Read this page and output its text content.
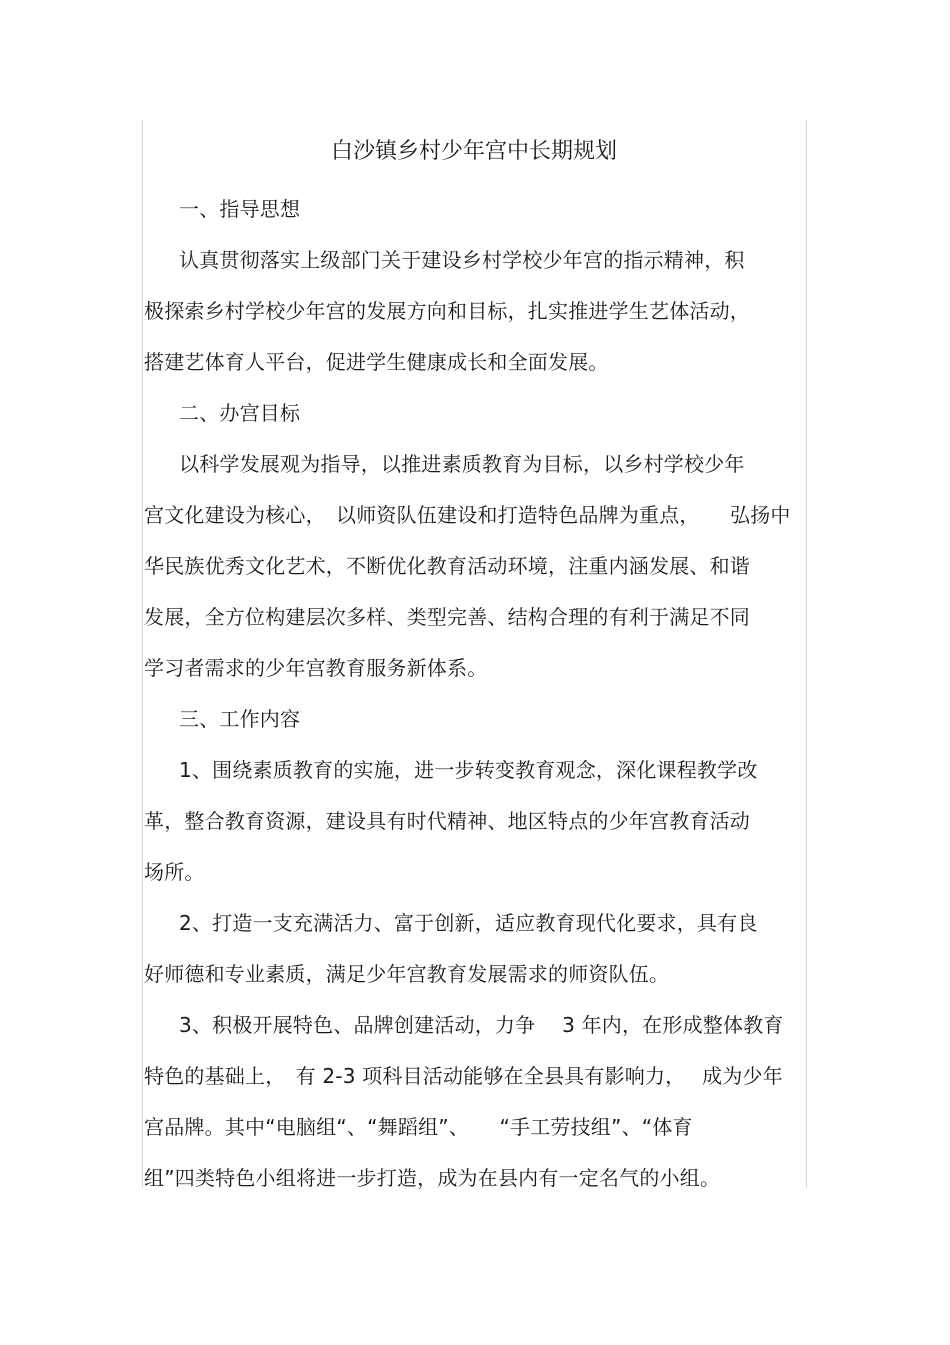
白沙镇乡村少年宫中长期规划
一、指导思想
认真贯彻落实上级部门关于建设乡村学校少年宫的指示精神，积
极探索乡村学校少年宫的发展方向和目标，扎实推进学生艺体活动，
搭建艺体育人平台，促进学生健康成长和全面发展。
二、办宫目标
以科学发展观为指导，以推进素质教育为目标，以乡村学校少年
宫文化建设为核心，　以师资队伍建设和打造特色品牌为重点，　　弘扬中
华民族优秀文化艺术，不断优化教育活动环境，注重内涵发展、和谐
发展，全方位构建层次多样、类型完善、结构合理的有利于满足不同
学习者需求的少年宫教育服务新体系。
三、工作内容
1、围绕素质教育的实施，进一步转变教育观念，深化课程教学改
革，整合教育资源，建设具有时代精神、地区特点的少年宫教育活动
场所。
2、打造一支充满活力、富于创新，适应教育现代化要求，具有良
好师德和专业素质，满足少年宫教育发展需求的师资队伍。
3、积极开展特色、品牌创建活动，力争　 3 年内，在形成整体教育
特色的基础上，　有 2-3 项科目活动能够在全县具有影响力，　 成为少年
宫品牌。其中“电脑组“、“舞蹈组”、　　“手工劳技组”、“体育
组”四类特色小组将进一步打造，成为在县内有一定名气的小组。
